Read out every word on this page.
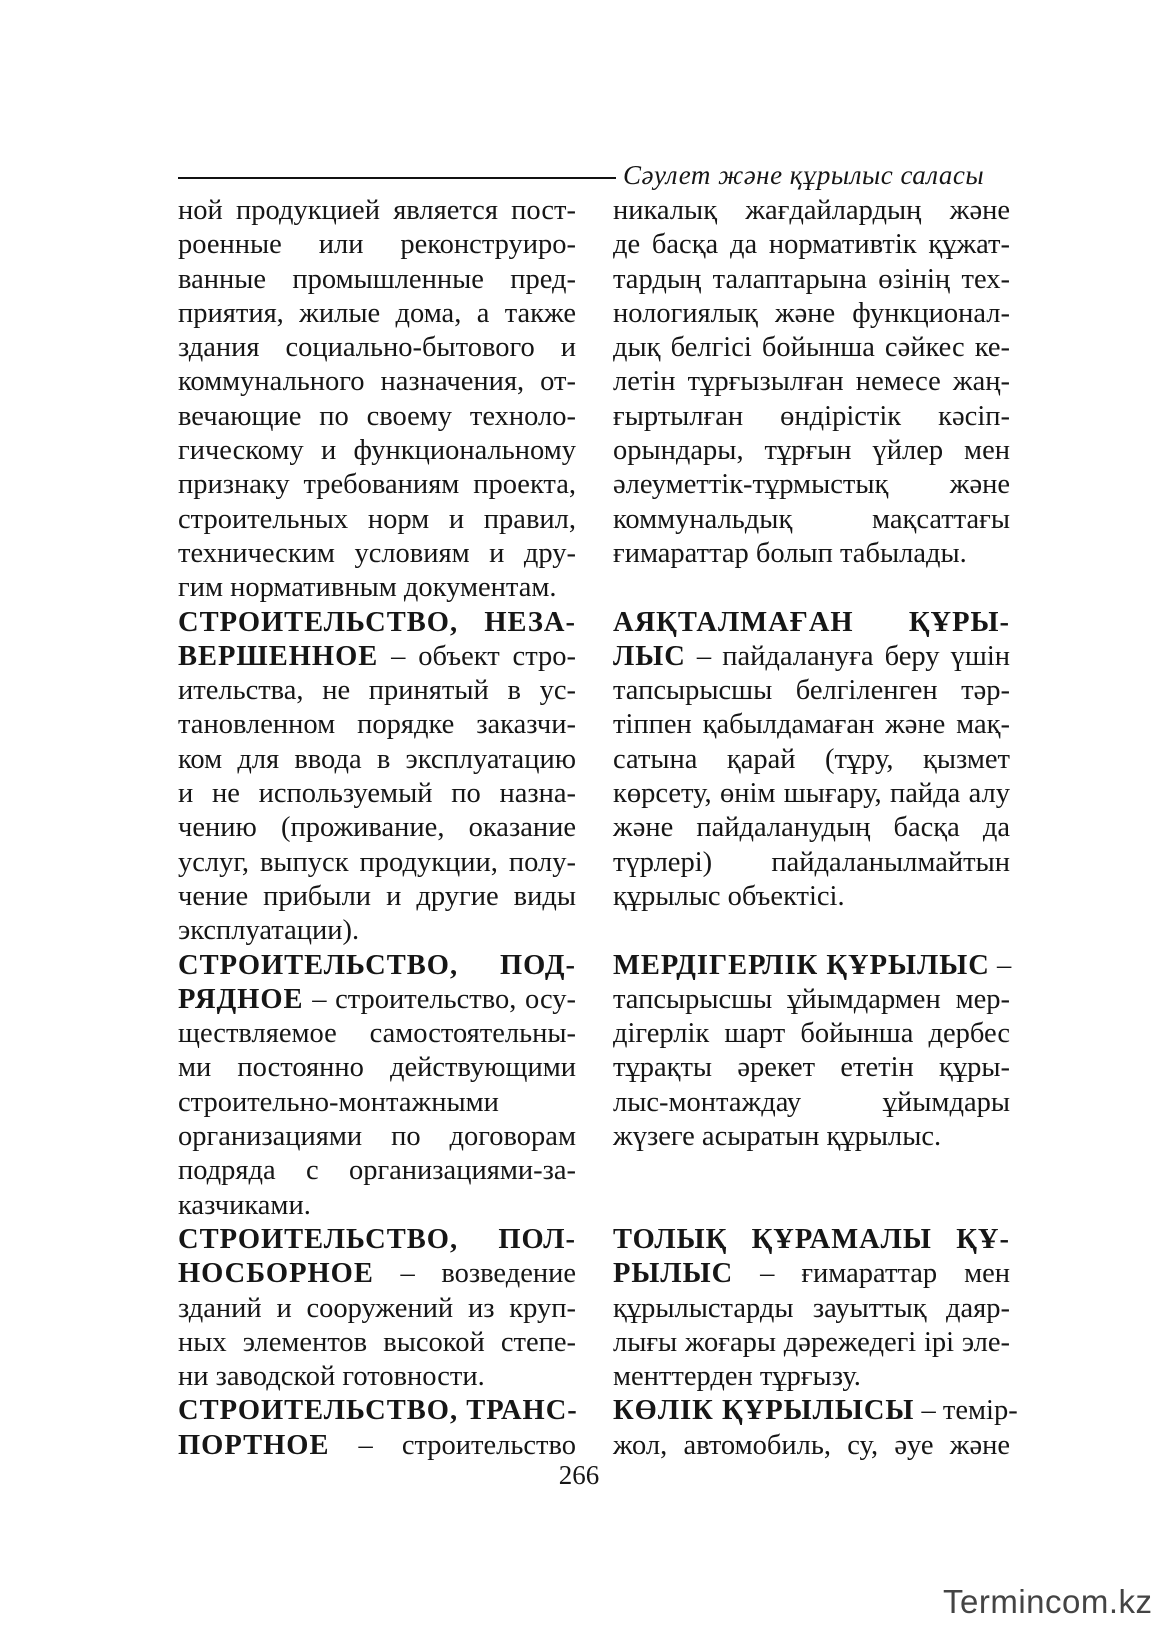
Сәулет және құрылыс саласы
ной продукцией является пост-
роенные или реконструиро-
ванные промышленные пред-
приятия, жилые дома, а также
здания социально-бытового и
коммунального назначения, от-
вечающие по своему техноло-
гическому и функциональному
признаку требованиям проекта,
строительных норм и правил,
техническим условиям и дру-
гим нормативным документам.
СТРОИТЕЛЬСТВО, НЕЗА-
ВЕРШЕННОЕ – объект стро-
ительства, не принятый в ус-
тановленном порядке заказчи-
ком для ввода в эксплуатацию
и не используемый по назна-
чению (проживание, оказание
услуг, выпуск продукции, полу-
чение прибыли и другие виды
эксплуатации).
СТРОИТЕЛЬСТВО, ПОД-
РЯДНОЕ – строительство, осу-
ществляемое самостоятельны-
ми постоянно действующими
строительно-монтажными
организациями по договорам
подряда с организациями-за-
казчиками.
СТРОИТЕЛЬСТВО, ПОЛ-
НОСБОРНОЕ – возведение
зданий и сооружений из круп-
ных элементов высокой степе-
ни заводской готовности.
СТРОИТЕЛЬСТВО, ТРАНС-
ПОРТНОЕ – строительство
никалық жағдайлардың және
де басқа да нормативтік құжат-
тардың талаптарына өзінің тех-
нологиялық және функционал-
дық белгісі бойынша сәйкес ке-
летін тұрғызылған немесе жаң-
ғыртылған өндірістік кәсіп-
орындары, тұрғын үйлер мен
әлеуметтік-тұрмыстық және
коммунальдық мақсаттағы
ғимараттар болып табылады.
АЯҚТАЛМАҒАН ҚҰРЫ-
ЛЫС – пайдалануға беру үшін
тапсырысшы белгіленген тәр-
тіппен қабылдамаған және мақ-
сатына қарай (тұру, қызмет
көрсету, өнім шығару, пайда алу
және пайдаланудың басқа да
түрлері) пайдаланылмайтын
құрылыс объектісі.
МЕРДІГЕРЛІК ҚҰРЫЛЫС –
тапсырысшы ұйымдармен мер-
дігерлік шарт бойынша дербес
тұрақты әрекет ететін құры-
лыс-монтаждау ұйымдары
жүзеге асыратын құрылыс.
ТОЛЫҚ ҚҰРАМАЛЫ ҚҰ-
РЫЛЫС – ғимараттар мен
құрылыстарды зауыттық даяр-
лығы жоғары дәрежедегі ірі эле-
менттерден тұрғызу.
КӨЛІК ҚҰРЫЛЫСЫ – темір-
жол, автомобиль, су, әуе және
266
Termincom.kz
